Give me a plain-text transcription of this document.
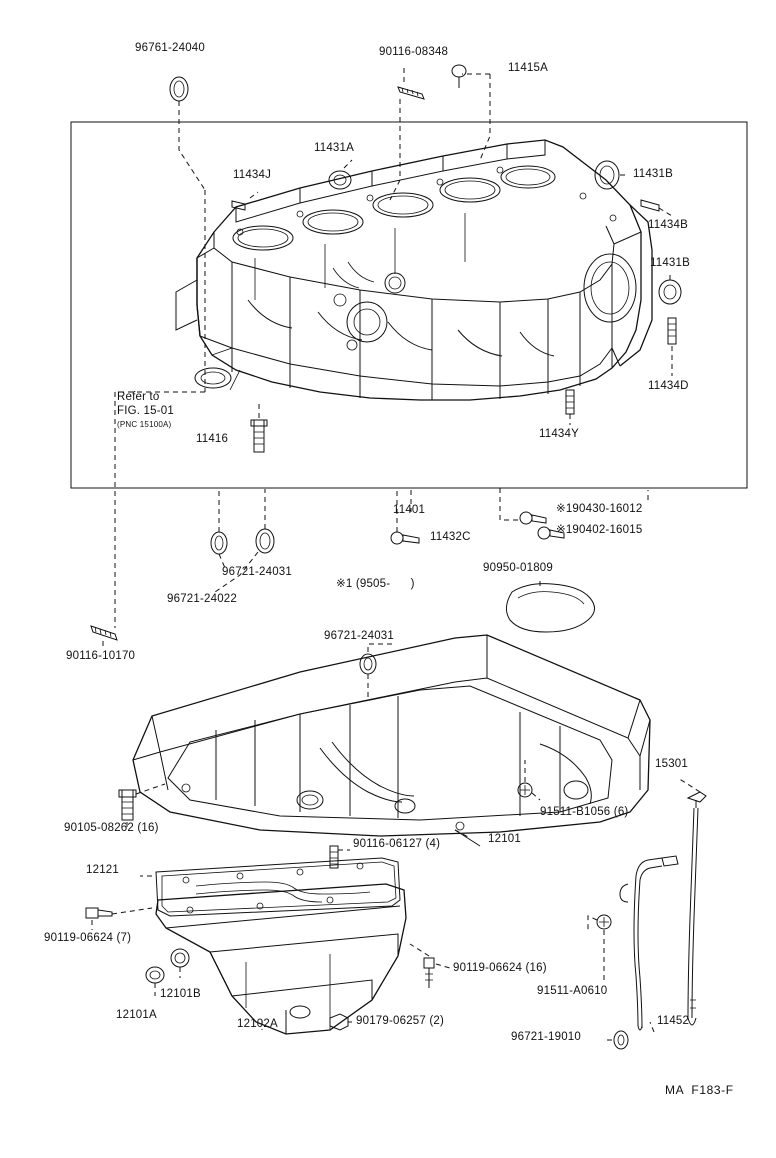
96761-24040	90116-08348
11415A
11431A
11434J	11431B
11434B
11431B
11434D
11434Y
11416
11401
11432C
96721-24031
96721-24022
90116-10170
90950-01809
96721-24031
15301
91511-B1056 (6)
12101
90116-06127 (4)
90105-08262 (16)
12121
90119-06624 (7)
12101B
12101A
12102A	90179-06257 (2)
90119-06624 (16)
91511-A0610
96721-19010
11452
Refer to
FIG. 15-01
(PNC 15100A)
※1 (9505-      )
※190430-16012
※190402-16015
MA  F183-F
